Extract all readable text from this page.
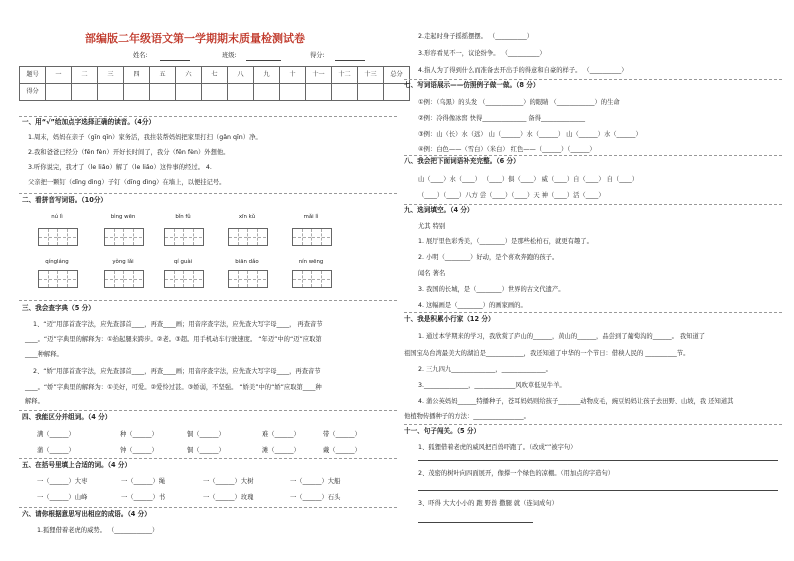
部编版二年级语文第一学期期末质量检测试卷
姓名:	班级:	得分:
题号	一	二	三	四	五	六	七	八	九	十	十一	十二	十三	总分
得分														
一、用“√”给加点字选择正确的读音。（4分）
1.周末，妈妈在亲子（gīn qīn）家务活，我拄装帮妈妈把家里打扫（gǎn qīn）净。
2.我和爸爸已经分（fēn fèn）开好长时间了，我分（fēn fèn）外想他。
3.听你说完，我才了（le liǎo）解了（le liǎo）这件事的经过。 4.
父亲把一颗钉（dīng dìng）子钉（dīng dìng）在墙上，以便挂记号。
二、看拼音写词语。（10分）
nú lì	bìng wēn	bǐn fǔ	xīn kǔ	mǎi lì
qíngláng	yǒng lǎi	qí guài	biān dǎo	nín wēng
三、我会查字典（5 分）
1、“迈”用部首查字法，应先查部首____，再查____画；用音序查字法，应先查大写字母____， 再查音节
____。“迈”字典里的解释为：①抬起腿来跨步。②老。③超。用手机动车行驶速度。 “年迈”中的“迈”应取第
____种解释。
2、“娇”用部首查字法，应先查部首____，再查____画；用音序查字法，应先查大写字母____，再查音节
____。“娇”字典里的解释为：①美好，可爱。②爱怜过甚。③娇弱，不坚强。 “娇美”中的“娇”应取第____种
解释。
四、我能区分并组词。（4 分）
满（______）	种（______）	铜（______）	难（______）	带（______）
蒲（______）	钟（______）	铜（______）	滩（______）	戴（______）
五、在括号里填上合适的词。（4 分）
一（______）大枣	一（______）绳	一（______）大树	一（______）大船
一（______）山峰	一（______）书	一（______）玫瑰	一（______）石头
六、请你根据意思写出相应的成语。（4 分）
1.狐狸借着老虎的威势。 （____________）
2.走起时身子摇摇摆摆。 （__________）
3.形容看见不一，议论纷争。 （__________）
4.指人为了得到什么而准备去开出手的得意和自豪的样子。 （__________）
七、写词语展示——仿照例子做一做。（8 分）
①例：（乌黑）的头发 （____________）的眼睛 （____________）的生命
②例：冷得像冰窖 快得______________ 备得______________
③例：山（长）水（远） 山（______）水（______） 山（______）水（______）
④例：白色——（雪白）（米白） 红色——（______）（______）
八、我会把下面词语补充完整。（6 分）
山（____）水（____） （____）俱（____） 威（____）自（____） 自（____）
（____）（____）八方 尝（____）（____）天 神（____）活（____）
九、选词填空。（4 分）
尤其 特别
1. 展厅里色彩秀美，（________）是那些松柏石，就更有趣了。
2. 小明（________）好动，是个喜欢奔跑的孩子。
闻名 著名
3. 我国的长城，是（________）世界的古文代遗产。
4. 这幅画是（________）的画家画的。
十、我是积累小行家（12 分）
1. 通过本学期来的学习，我欣赏了庐山的______，黄山的______，品尝到了葡萄沟的______。 我知道了
祖国宝岛台湾最美大的湖泊是____________，我还知道了中华的一个节日：借秧人民的 __________节。
2. 三九四九______________，______________。
3.______________，_____________风吹草低见牛羊。
4. 蒲公英妈妈______特播种子，苍耳妈妈则给孩子_______动物皮毛，豌豆妈妈让孩子去田野、山坡，我 还知道其
他植物传播种子的方法：________________。
十一、句子闯关。（5 分）
1、狐狸借着老虎的威风把百兽吓跑了。（改成“”被字句）
2、茂密的树叶向四面展开，像撑一个绿色的凉棚。（用加点的字造句）
3、吓得 大大小小的 跑 野兽 撒腿 就（连词成句）
